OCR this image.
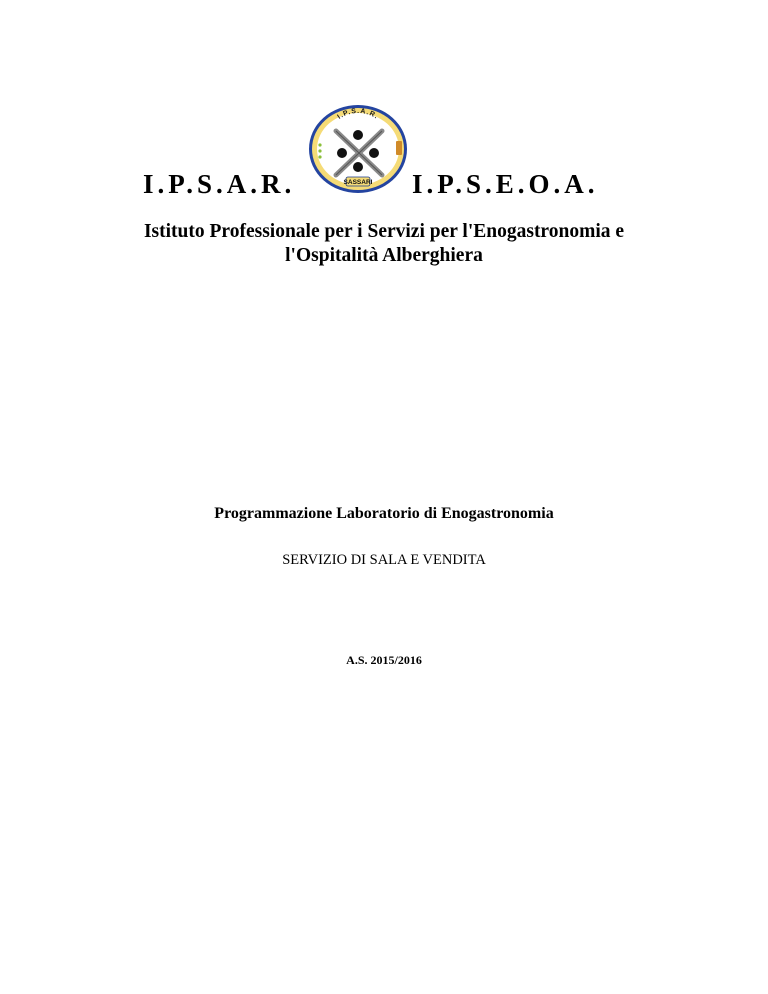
I.P.S.A.R.
I.P.S.A.R.
SASSARI I.P.S.E.O.A.
Istituto Professionale per i Servizi per l'Enogastronomia e
l'Ospitalità Alberghiera
Programmazione Laboratorio di Enogastronomia
SERVIZIO DI SALA E VENDITA
A.S. 2015/2016
